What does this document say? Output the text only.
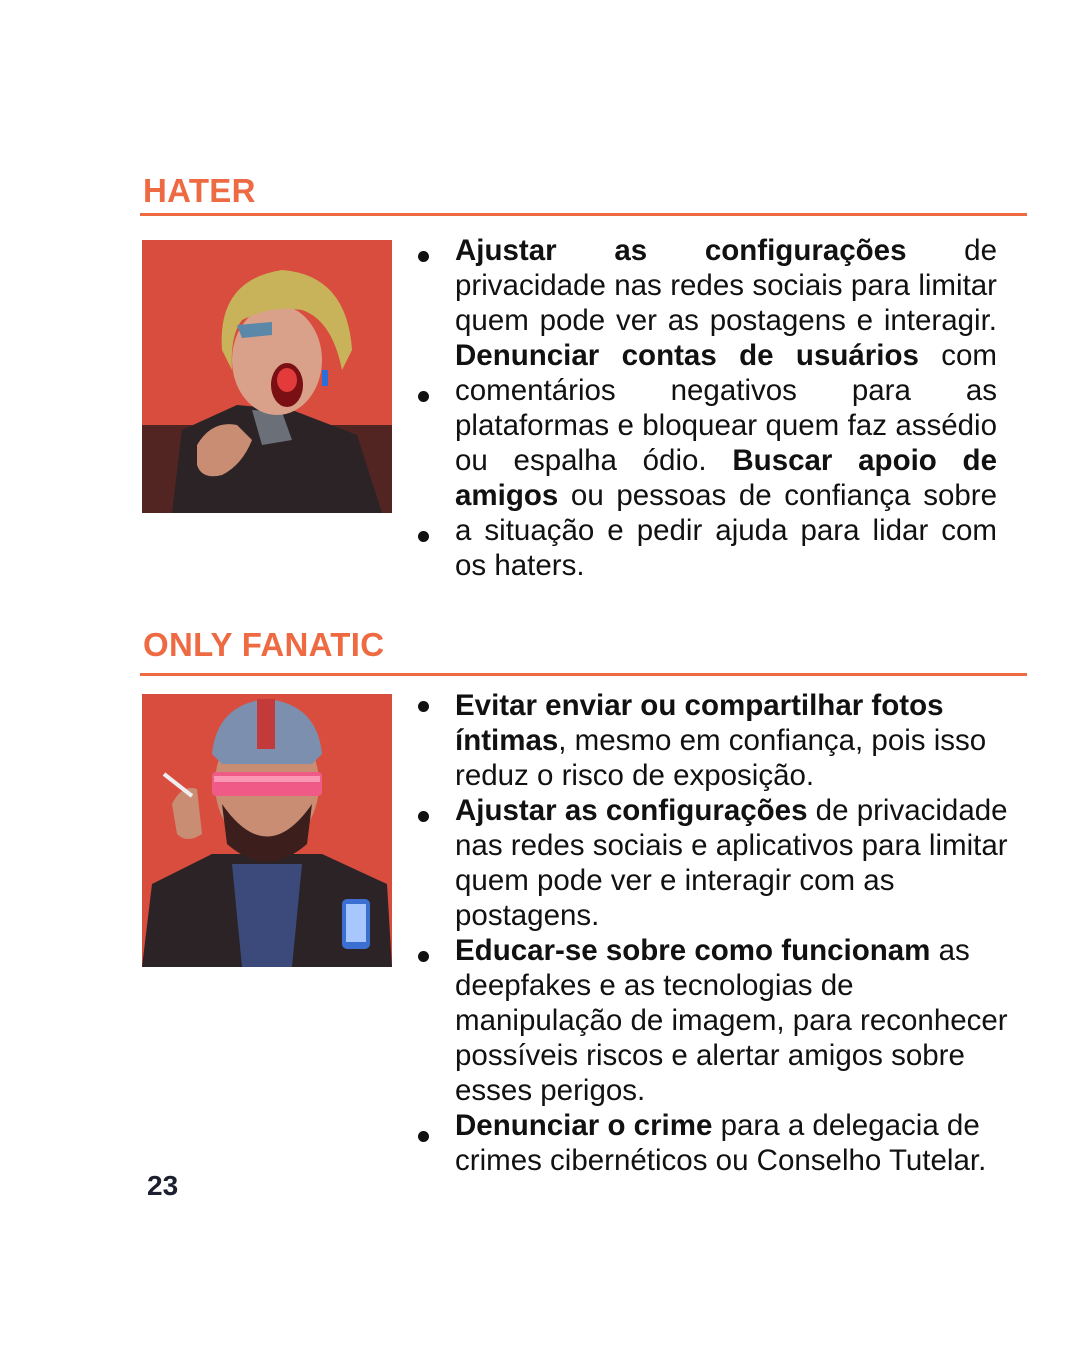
HATER
Ajustar as configurações de privacidade nas redes sociais para limitar quem pode ver as postagens e interagir. Denunciar contas de usuários com comentários negativos para as plataformas e bloquear quem faz assédio ou espalha ódio. Buscar apoio de amigos ou pessoas de confiança sobre a situação e pedir ajuda para lidar com os haters.
ONLY FANATIC
Evitar enviar ou compartilhar fotos íntimas, mesmo em confiança, pois isso reduz o risco de exposição.
Ajustar as configurações de privacidade nas redes sociais e aplicativos para limitar quem pode ver e interagir com as postagens.
Educar-se sobre como funcionam as deepfakes e as tecnologias de manipulação de imagem, para reconhecer possíveis riscos e alertar amigos sobre esses perigos.
Denunciar o crime para a delegacia de crimes cibernéticos ou Conselho Tutelar.
23
